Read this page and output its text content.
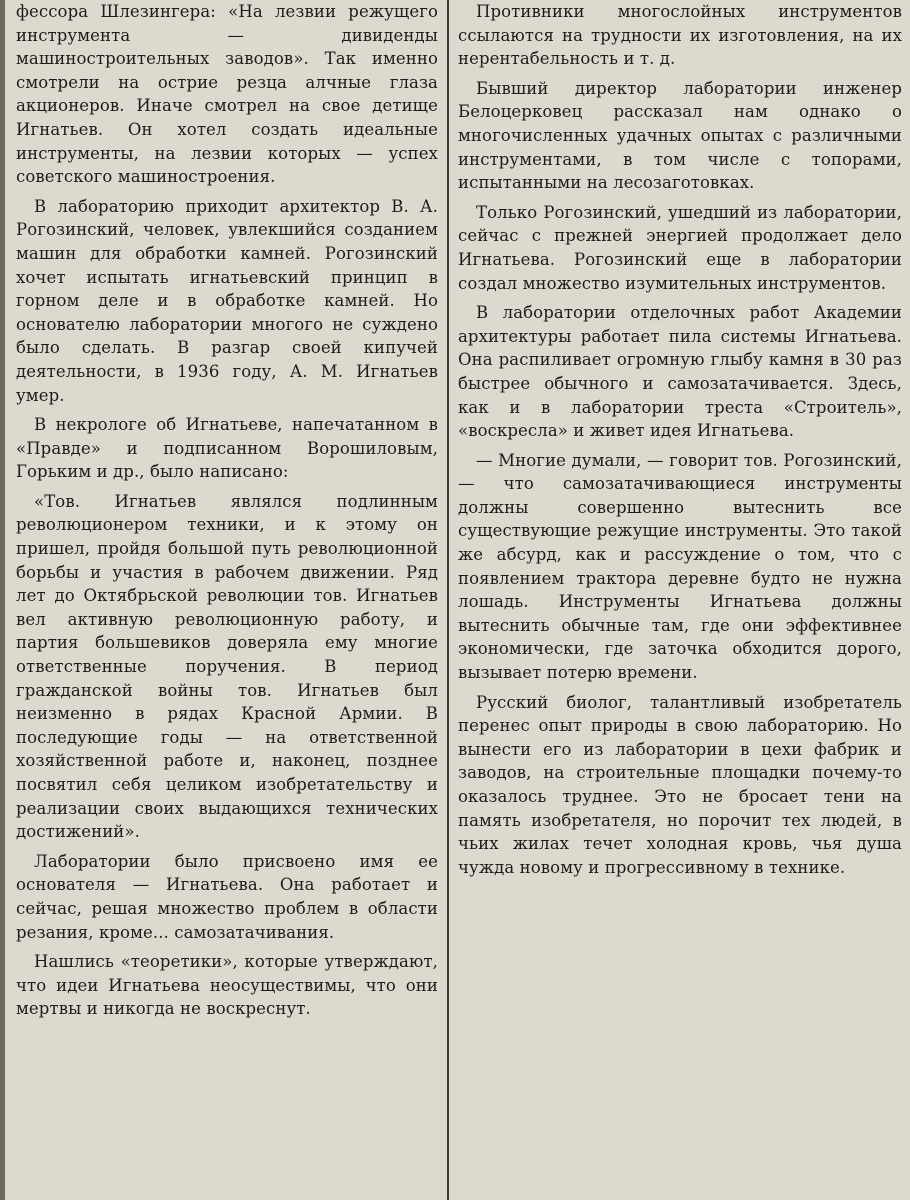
фессора Шлезингера: «На лезвии режущего инструмента — дивиденды машиностроительных заводов». Так именно смотрели на острие резца алчные глаза акционеров. Иначе смотрел на свое детище Игнатьев. Он хотел создать идеальные инструменты, на лезвии которых — успех советского машиностроения.

В лабораторию приходит архитектор В. А. Рогозинский, человек, увлекшийся созданием машин для обработки камней. Рогозинский хочет испытать игнатьевский принцип в горном деле и в обработке камней. Но основателю лаборатории многого не суждено было сделать. В разгар своей кипучей деятельности, в 1936 году, А. М. Игнатьев умер.

В некрологе об Игнатьеве, напечатанном в «Правде» и подписанном Ворошиловым, Горьким и др., было написано:

«Тов. Игнатьев являлся подлинным революционером техники, и к этому он пришел, пройдя большой путь революционной борьбы и участия в рабочем движении. Ряд лет до Октябрьской революции тов. Игнатьев вел активную революционную работу, и партия большевиков доверяла ему многие ответственные поручения. В период гражданской войны тов. Игнатьев был неизменно в рядах Красной Армии. В последующие годы — на ответственной хозяйственной работе и, наконец, позднее посвятил себя целиком изобретательству и реализации своих выдающихся технических достижений».

Лаборатории было присвоено имя ее основателя — Игнатьева. Она работает и сейчас, решая множество проблем в области резания, кроме... самозатачивания.

Нашлись «теоретики», которые утверждают, что идеи Игнатьева неосуществимы, что они мертвы и никогда не воскреснут.

Противники многослойных инструментов ссылаются на трудности их изготовления, на их нерентабельность и т. д.

Бывший директор лаборатории инженер Белоцерковец рассказал нам однако о многочисленных удачных опытах с различными инструментами, в том числе с топорами, испытанными на лесозаготовках.

Только Рогозинский, ушедший из лаборатории, сейчас с прежней энергией продолжает дело Игнатьева. Рогозинский еще в лаборатории создал множество изумительных инструментов.

В лаборатории отделочных работ Академии архитектуры работает пила системы Игнатьева. Она распиливает огромную глыбу камня в 30 раз быстрее обычного и самозатачивается. Здесь, как и в лаборатории треста «Строитель», «воскресла» и живет идея Игнатьева.

— Многие думали, — говорит тов. Рогозинский, — что самозатачивающиеся инструменты должны совершенно вытеснить все существующие режущие инструменты. Это такой же абсурд, как и рассуждение о том, что с появлением трактора деревне будто не нужна лошадь. Инструменты Игнатьева должны вытеснить обычные там, где они эффективнее экономически, где заточка обходится дорого, вызывает потерю времени.

Русский биолог, талантливый изобретатель перенес опыт природы в свою лабораторию. Но вынести его из лаборатории в цехи фабрик и заводов, на строительные площадки почему-то оказалось труднее. Это не бросает тени на память изобретателя, но порочит тех людей, в чьих жилах течет холодная кровь, чья душа чужда новому и прогрессивному в технике.
